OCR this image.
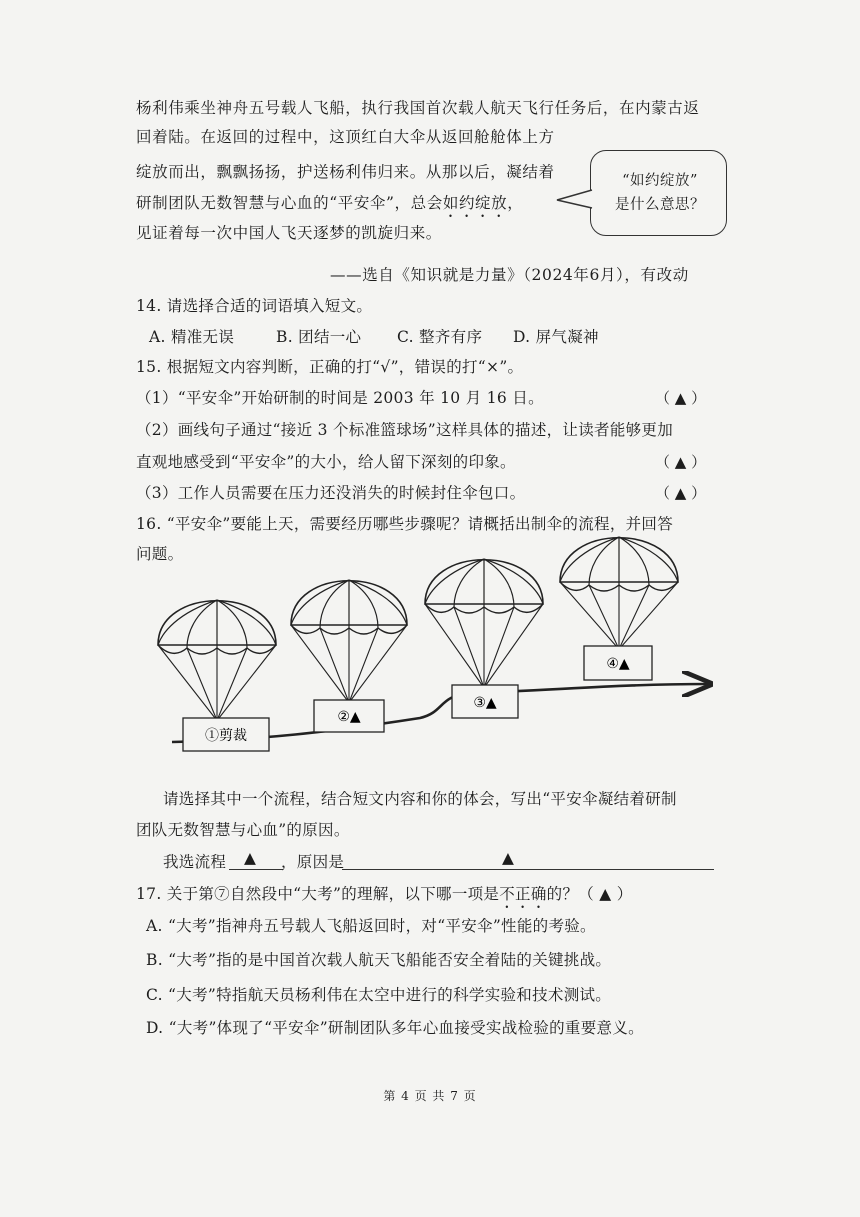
杨利伟乘坐神舟五号载人飞船，执行我国首次载人航天飞行任务后，在内蒙古返
回着陆。在返回的过程中，这顶红白大伞从返回舱舱体上方
绽放而出，飘飘扬扬，护送杨利伟归来。从那以后，凝结着
研制团队无数智慧与心血的“平安伞”，总会如约绽放，
见证着每一次中国人飞天逐梦的凯旋归来。
“如约绽放”
是什么意思？
——选自《知识就是力量》（2024年6月），有改动
14. 请选择合适的词语填入短文。
A. 精准无误	B. 团结一心 C. 整齐有序 D. 屏气凝神
15. 根据短文内容判断，正确的打“√”，错误的打“×”。
（1）“平安伞”开始研制的时间是 2003 年 10 月 16 日。	（ ▲ ）
（2）画线句子通过“接近 3 个标准篮球场”这样具体的描述，让读者能够更加
直观地感受到“平安伞”的大小，给人留下深刻的印象。	（ ▲ ）
（3）工作人员需要在压力还没消失的时候封住伞包口。	（ ▲ ）
16. “平安伞”要能上天，需要经历哪些步骤呢？请概括出制伞的流程，并回答
问题。
①剪裁
②▲
③▲
④▲
请选择其中一个流程，结合短文内容和你的体会，写出“平安伞凝结着研制
团队无数智慧与心血”的原因。
我选流程 ▲ ，原因是	▲
17. 关于第⑦自然段中“大考”的理解，以下哪一项是不正确的？（ ▲ ）
A. “大考”指神舟五号载人飞船返回时，对“平安伞”性能的考验。
B. “大考”指的是中国首次载人航天飞船能否安全着陆的关键挑战。
C. “大考”特指航天员杨利伟在太空中进行的科学实验和技术测试。
D. “大考”体现了“平安伞”研制团队多年心血接受实战检验的重要意义。
第 4 页 共 7 页
